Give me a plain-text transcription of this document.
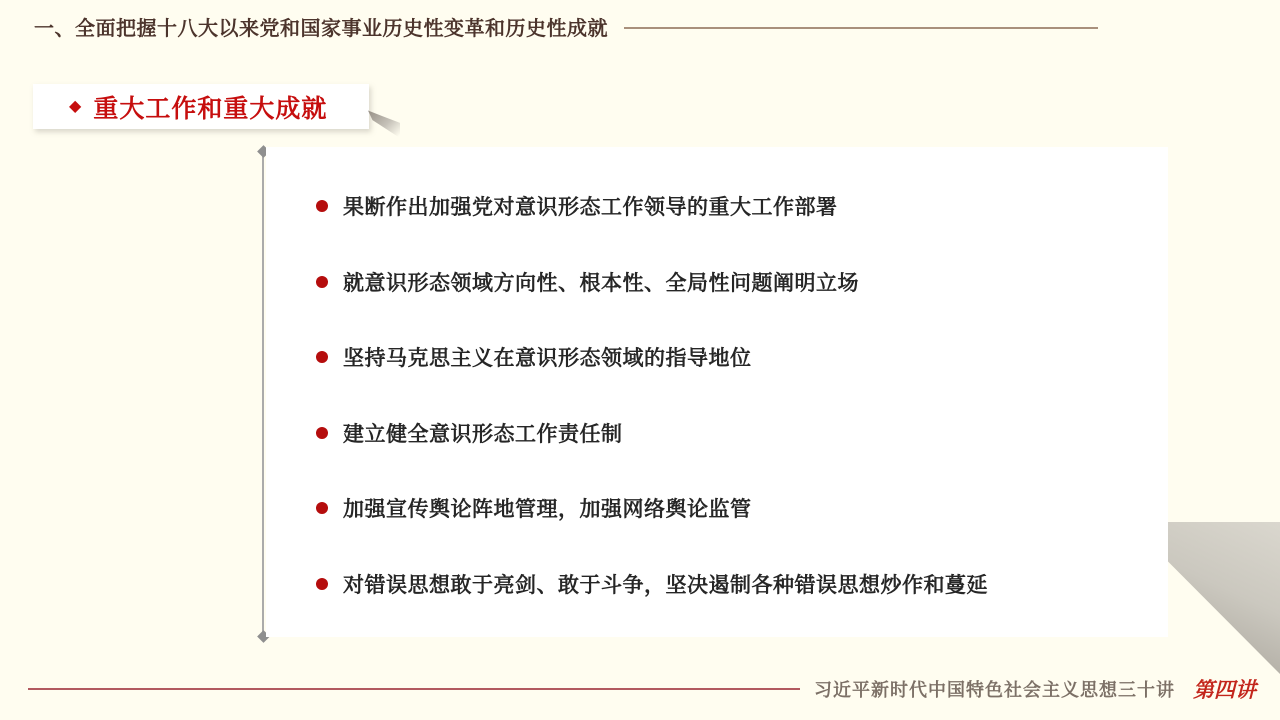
一、全面把握十八大以来党和国家事业历史性变革和历史性成就
◆ 重大工作和重大成就
果断作出加强党对意识形态工作领导的重大工作部署
就意识形态领域方向性、根本性、全局性问题阐明立场
坚持马克思主义在意识形态领域的指导地位
建立健全意识形态工作责任制
加强宣传舆论阵地管理，加强网络舆论监管
对错误思想敢于亮剑、敢于斗争，坚决遏制各种错误思想炒作和蔓延
习近平新时代中国特色社会主义思想三十讲 第四讲
